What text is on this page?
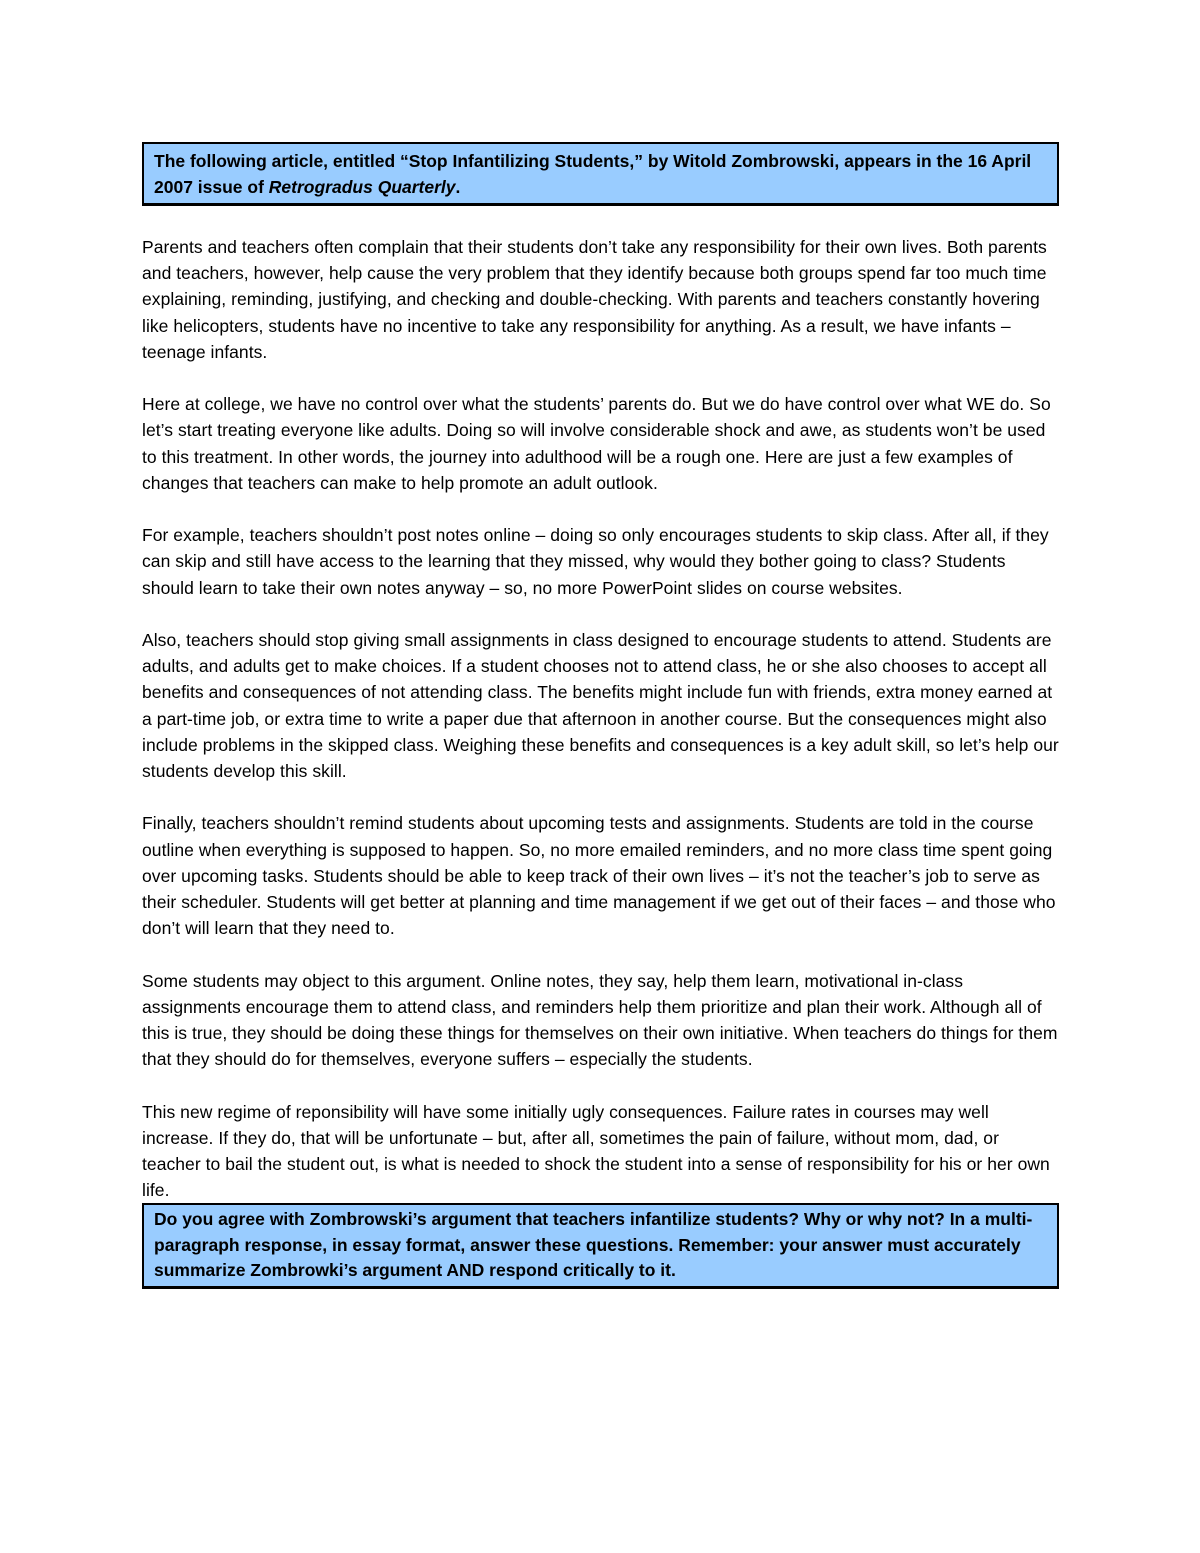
The following article, entitled “Stop Infantilizing Students,” by Witold Zombrowski, appears in the 16 April 2007 issue of Retrogradus Quarterly.

Parents and teachers often complain that their students don’t take any responsibility for their own lives. Both parents and teachers, however, help cause the very problem that they identify because both groups spend far too much time explaining, reminding, justifying, and checking and double-checking. With parents and teachers constantly hovering like helicopters, students have no incentive to take any responsibility for anything. As a result, we have infants – teenage infants.

Here at college, we have no control over what the students’ parents do. But we do have control over what WE do. So let’s start treating everyone like adults. Doing so will involve considerable shock and awe, as students won’t be used to this treatment. In other words, the journey into adulthood will be a rough one. Here are just a few examples of changes that teachers can make to help promote an adult outlook.

For example, teachers shouldn’t post notes online – doing so only encourages students to skip class. After all, if they can skip and still have access to the learning that they missed, why would they bother going to class? Students should learn to take their own notes anyway – so, no more PowerPoint slides on course websites.

Also, teachers should stop giving small assignments in class designed to encourage students to attend. Students are adults, and adults get to make choices. If a student chooses not to attend class, he or she also chooses to accept all benefits and consequences of not attending class. The benefits might include fun with friends, extra money earned at a part-time job, or extra time to write a paper due that afternoon in another course. But the consequences might also include problems in the skipped class. Weighing these benefits and consequences is a key adult skill, so let’s help our students develop this skill.

Finally, teachers shouldn’t remind students about upcoming tests and assignments. Students are told in the course outline when everything is supposed to happen. So, no more emailed reminders, and no more class time spent going over upcoming tasks. Students should be able to keep track of their own lives – it’s not the teacher’s job to serve as their scheduler. Students will get better at planning and time management if we get out of their faces – and those who don’t will learn that they need to.

Some students may object to this argument. Online notes, they say, help them learn, motivational in-class assignments encourage them to attend class, and reminders help them prioritize and plan their work. Although all of this is true, they should be doing these things for themselves on their own initiative. When teachers do things for them that they should do for themselves, everyone suffers – especially the students.

This new regime of reponsibility will have some initially ugly consequences. Failure rates in courses may well increase. If they do, that will be unfortunate – but, after all, sometimes the pain of failure, without mom, dad, or teacher to bail the student out, is what is needed to shock the student into a sense of responsibility for his or her own life.

Do you agree with Zombrowski’s argument that teachers infantilize students? Why or why not? In a multi-paragraph response, in essay format, answer these questions. Remember: your answer must accurately summarize Zombrowki’s argument AND respond critically to it.
